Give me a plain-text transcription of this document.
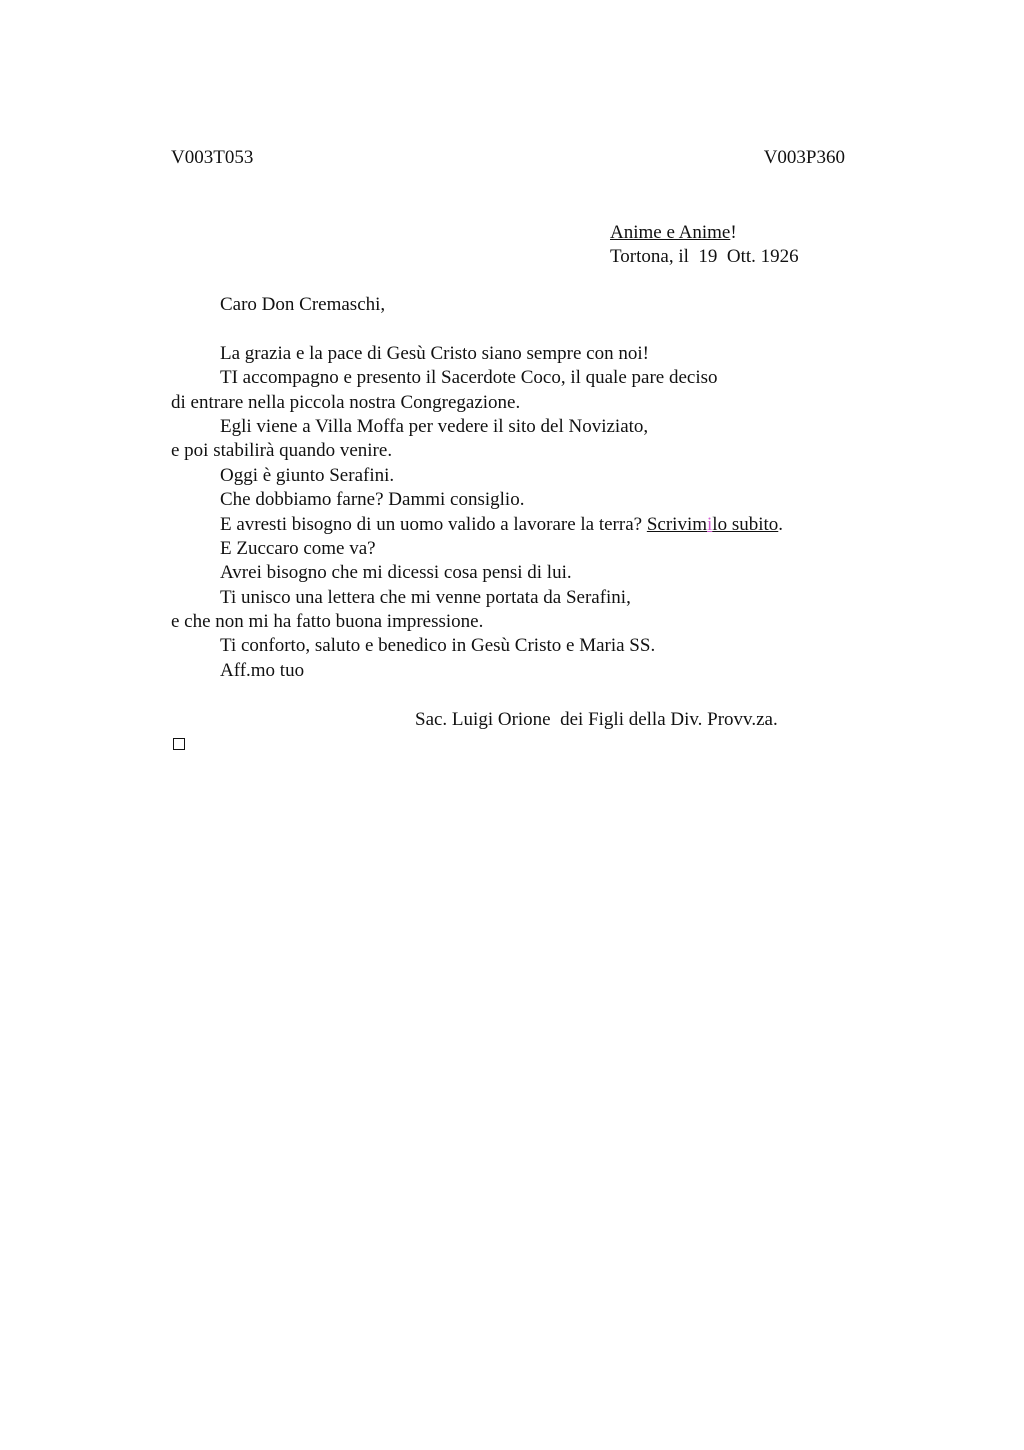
V003T053	V003P360
Anime e Anime!
Tortona, il  19  Ott. 1926
Caro Don Cremaschi,
La grazia e la pace di Gesù Cristo siano sempre con noi!
TI accompagno e presento il Sacerdote Coco, il quale pare deciso
di entrare nella piccola nostra Congregazione.
Egli viene a Villa Moffa per vedere il sito del Noviziato,
e poi stabilirà quando venire.
Oggi è giunto Serafini.
Che dobbiamo farne? Dammi consiglio.
E avresti bisogno di un uomo valido a lavorare la terra? Scrivimilo subito.
E Zuccaro come va?
Avrei bisogno che mi dicessi cosa pensi di lui.
Ti unisco una lettera che mi venne portata da Serafini,
e che non mi ha fatto buona impressione.
Ti conforto, saluto e benedico in Gesù Cristo e Maria SS.
Aff.mo tuo
Sac. Luigi Orione  dei Figli della Div. Provv.za.
